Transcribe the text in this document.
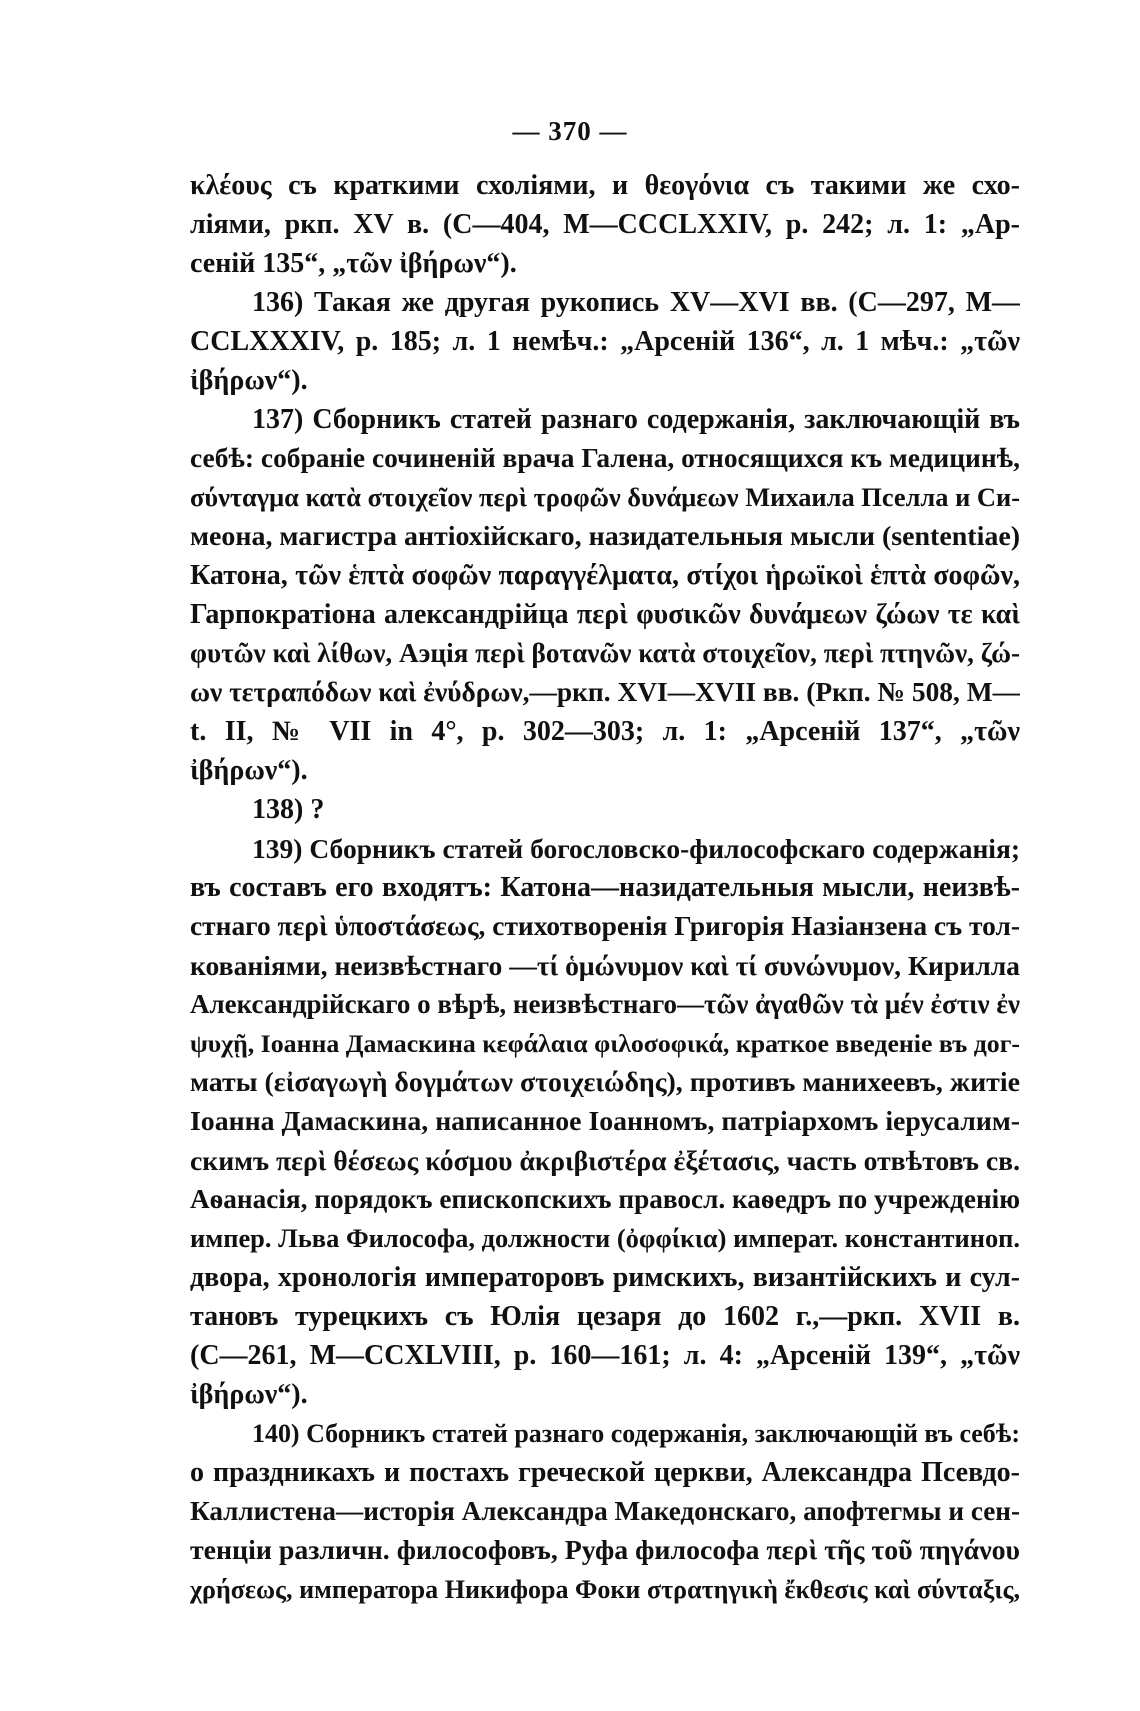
— 370 —
κλέους съ краткими схоліями, и θεογόνια съ такими же схо-
ліями, ркп. XV в. (С—404, М—CCCLXXIV, р. 242; л. 1: „Ар-
сеній 135“, „τῶν ἰβήρων“).
136) Такая же другая рукопись XV—XVI вв. (С—297, М—
CCLXXXIV, р. 185; л. 1 немѣч.: „Арсеній 136“, л. 1 мѣч.: „τῶν
ἰβήρων“).
137) Сборникъ статей разнаго содержанія, заключающій въ
себѣ: собраніе сочиненій врача Галена, относящихся къ медицинѣ,
σύνταγμα κατὰ στοιχεῖον περὶ τροφῶν δυνάμεων Михаила Пселла и Си-
меона, магистра антіохійскаго, назидательныя мысли (sententiae)
Катона, τῶν ἑπτὰ σοφῶν παραγγέλματα, στίχοι ἡρωϊκοὶ ἑπτὰ σοφῶν,
Гарпократіона александрійца περὶ φυσικῶν δυνάμεων ζώων τε καὶ
φυτῶν καὶ λίθων, Аэція περὶ βοτανῶν κατὰ στοιχεῖον, περὶ πτηνῶν, ζώ-
ων τετραπόδων καὶ ἐνύδρων,—ркп. XVI—XVII вв. (Ркп. № 508, М—
t. II, № VII in 4°, р. 302—303; л. 1: „Арсеній 137“, „τῶν
ἰβήρων“).
138) ?
139) Сборникъ статей богословско-философскаго содержанія;
въ составъ его входятъ: Катона—назидательныя мысли, неизвѣ-
стнаго περὶ ὑποστάσεως, стихотворенія Григорія Назіанзена съ тол-
кованіями, неизвѣстнаго —τί ὁμώνυμον καὶ τί συνώνυμον, Кирилла
Александрійскаго о вѣрѣ, неизвѣстнаго—τῶν ἀγαθῶν τὰ μέν ἐστιν ἐν
ψυχῇ, Іоанна Дамаскина κεφάλαια φιλοσοφικά, краткое введеніе въ дог-
маты (εἰσαγωγὴ δογμάτων στοιχειώδης), противъ манихеевъ, житіе
Іоанна Дамаскина, написанное Іоанномъ, патріархомъ іерусалим-
скимъ περὶ θέσεως κόσμου ἀκριβιστέρα ἐξέτασις, часть отвѣтовъ св.
Аѳанасія, порядокъ епископскихъ правосл. каѳедръ по учрежденію
импер. Льва Философа, должности (ὀφφίκια) императ. константиноп.
двора, хронологія императоровъ римскихъ, византійскихъ и сул-
тановъ турецкихъ съ Юлія цезаря до 1602 г.,—ркп. XVII в.
(С—261, М—CCXLVIII, р. 160—161; л. 4: „Арсеній 139“, „τῶν
ἰβήρων“).
140) Сборникъ статей разнаго содержанія, заключающій въ себѣ:
о праздникахъ и постахъ греческой церкви, Александра Псевдо-
Каллистена—исторія Александра Македонскаго, апофтегмы и сен-
тенціи различн. философовъ, Руфа философа περὶ τῆς τοῦ πηγάνου
χρήσεως, императора Никифора Фоки στρατηγικὴ ἔκθεσις καὶ σύνταξις,
